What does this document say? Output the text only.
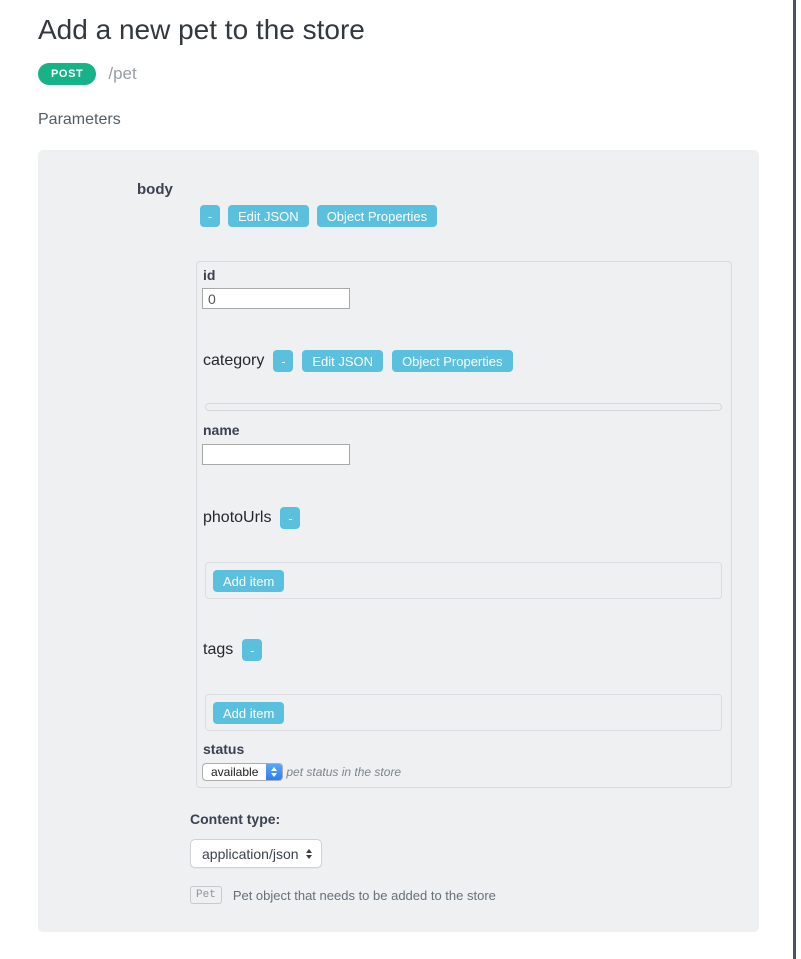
Add a new pet to the store
POST	/pet
Parameters
body
-	Edit JSON	Object Properties
id
0
category	-	Edit JSON	Object Properties
name
photoUrls	-
Add item
tags	-
Add item
status
available	pet status in the store
Content type:
application/json
Pet	Pet object that needs to be added to the store
